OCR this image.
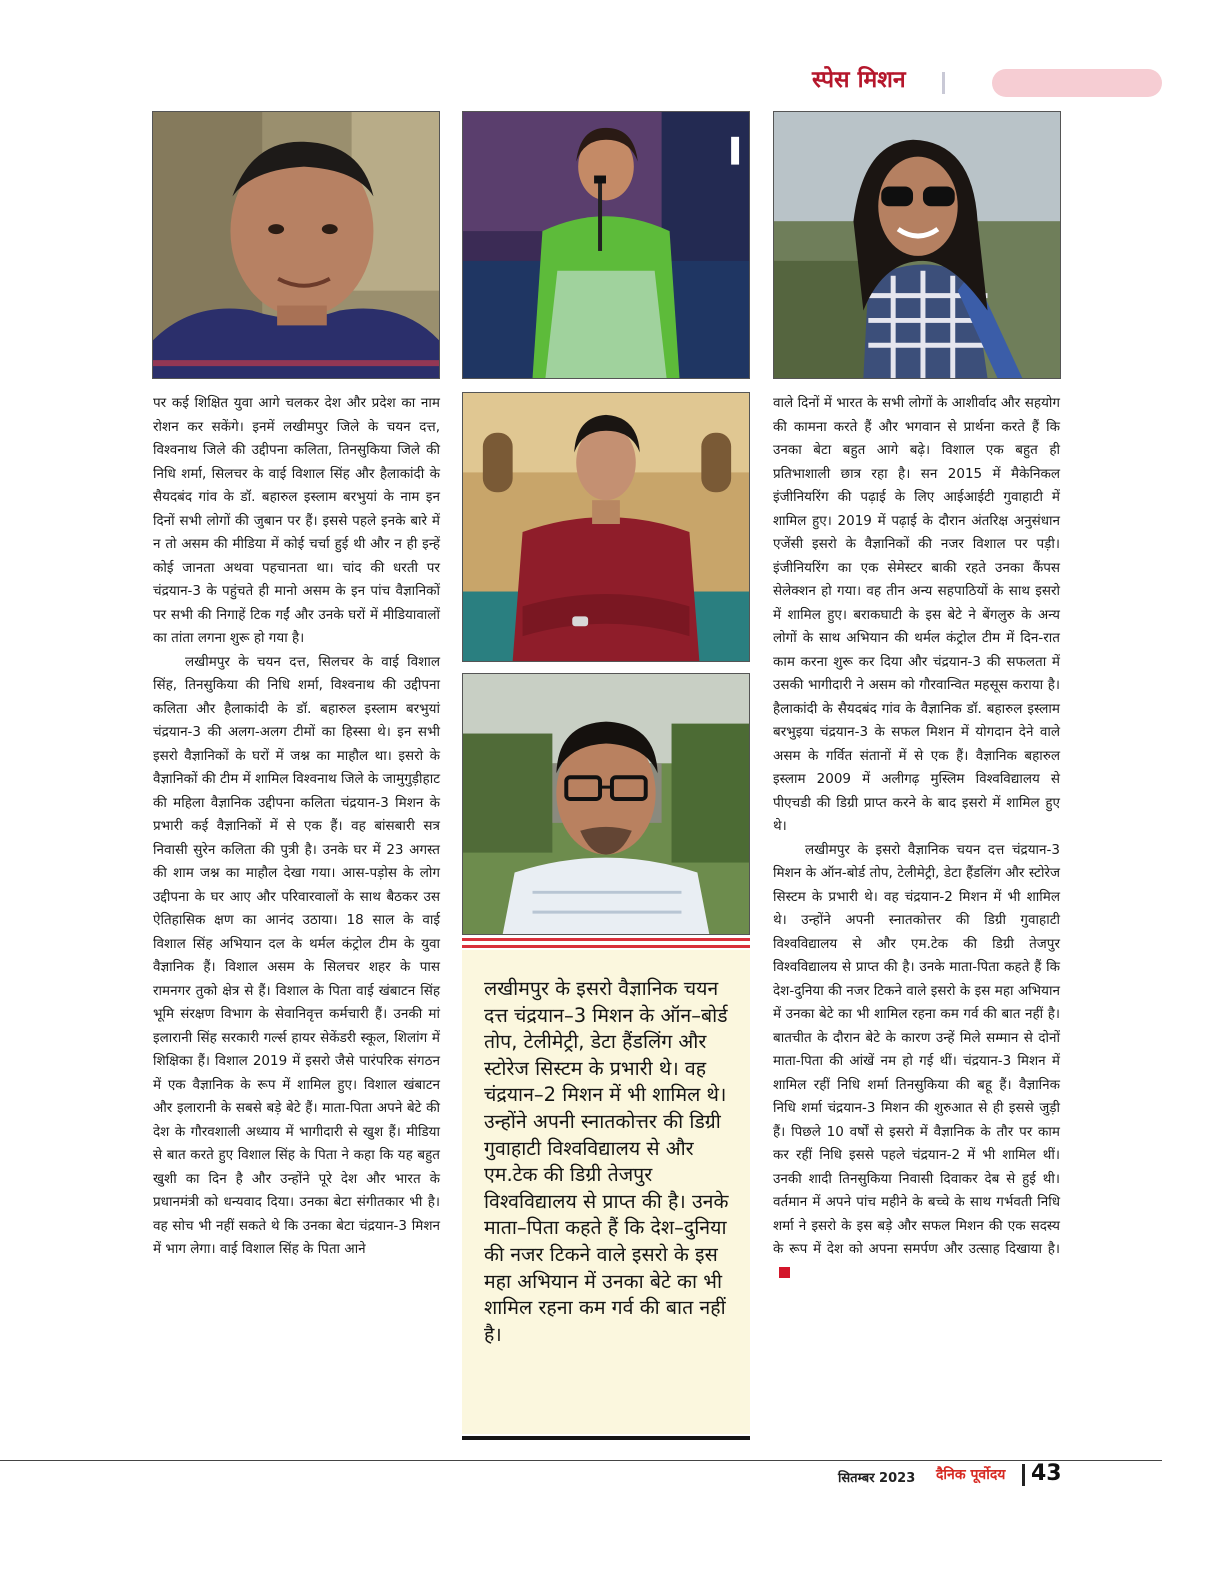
स्पेस मिशन

पर कई शिक्षित युवा आगे चलकर देश और प्रदेश का नाम रोशन कर सकेंगे। इनमें लखीमपुर जिले के चयन दत्त, विश्वनाथ जिले की उद्दीपना कलिता, तिनसुकिया जिले की निधि शर्मा, सिलचर के वाई विशाल सिंह और हैलाकांदी के सैयदबंद गांव के डॉ. बहारुल इस्लाम बरभुयां के नाम इन दिनों सभी लोगों की जुबान पर हैं। इससे पहले इनके बारे में न तो असम की मीडिया में कोई चर्चा हुई थी और न ही इन्हें कोई जानता अथवा पहचानता था। चांद की धरती पर चंद्रयान-3 के पहुंचते ही मानो असम के इन पांच वैज्ञानिकों पर सभी की निगाहें टिक गईं और उनके घरों में मीडियावालों का तांता लगना शुरू हो गया है।

लखीमपुर के चयन दत्त, सिलचर के वाई विशाल सिंह, तिनसुकिया की निधि शर्मा, विश्वनाथ की उद्दीपना कलिता और हैलाकांदी के डॉ. बहारुल इस्लाम बरभुयां चंद्रयान-3 की अलग-अलग टीमों का हिस्सा थे। इन सभी इसरो वैज्ञानिकों के घरों में जश्न का माहौल था। इसरो के वैज्ञानिकों की टीम में शामिल विश्वनाथ जिले के जामुगुड़ीहाट की महिला वैज्ञानिक उद्दीपना कलिता चंद्रयान-3 मिशन के प्रभारी कई वैज्ञानिकों में से एक हैं। वह बांसबारी सत्र निवासी सुरेन कलिता की पुत्री है। उनके घर में 23 अगस्त की शाम जश्न का माहौल देखा गया। आस-पड़ोस के लोग उद्दीपना के घर आए और परिवारवालों के साथ बैठकर उस ऐतिहासिक क्षण का आनंद उठाया। 18 साल के वाई विशाल सिंह अभियान दल के थर्मल कंट्रोल टीम के युवा वैज्ञानिक हैं। विशाल असम के सिलचर शहर के पास रामनगर तुको क्षेत्र से हैं। विशाल के पिता वाई खंबाटन सिंह भूमि संरक्षण विभाग के सेवानिवृत्त कर्मचारी हैं। उनकी मां इलारानी सिंह सरकारी गर्ल्स हायर सेकेंडरी स्कूल, शिलांग में शिक्षिका हैं। विशाल 2019 में इसरो जैसे पारंपरिक संगठन में एक वैज्ञानिक के रूप में शामिल हुए। विशाल खंबाटन और इलारानी के सबसे बड़े बेटे हैं। माता-पिता अपने बेटे की देश के गौरवशाली अध्याय में भागीदारी से खुश हैं। मीडिया से बात करते हुए विशाल सिंह के पिता ने कहा कि यह बहुत खुशी का दिन है और उन्होंने पूरे देश और भारत के प्रधानमंत्री को धन्यवाद दिया। उनका बेटा संगीतकार भी है। वह सोच भी नहीं सकते थे कि उनका बेटा चंद्रयान-3 मिशन में भाग लेगा। वाई विशाल सिंह के पिता आने

लखीमपुर के इसरो वैज्ञानिक चयन दत्त चंद्रयान–3 मिशन के ऑन–बोर्ड तोप, टेलीमेट्री, डेटा हैंडलिंग और स्टोरेज सिस्टम के प्रभारी थे। वह चंद्रयान–2 मिशन में भी शामिल थे। उन्होंने अपनी स्नातकोत्तर की डिग्री गुवाहाटी विश्वविद्यालय से और एम.टेक की डिग्री तेजपुर विश्वविद्यालय से प्राप्त की है। उनके माता–पिता कहते हैं कि देश–दुनिया की नजर टिकने वाले इसरो के इस महा अभियान में उनका बेटे का भी शामिल रहना कम गर्व की बात नहीं है।

वाले दिनों में भारत के सभी लोगों के आशीर्वाद और सहयोग की कामना करते हैं और भगवान से प्रार्थना करते हैं कि उनका बेटा बहुत आगे बढ़े। विशाल एक बहुत ही प्रतिभाशाली छात्र रहा है। सन 2015 में मैकेनिकल इंजीनियरिंग की पढ़ाई के लिए आईआईटी गुवाहाटी में शामिल हुए। 2019 में पढ़ाई के दौरान अंतरिक्ष अनुसंधान एजेंसी इसरो के वैज्ञानिकों की नजर विशाल पर पड़ी। इंजीनियरिंग का एक सेमेस्टर बाकी रहते उनका कैंपस सेलेक्शन हो गया। वह तीन अन्य सहपाठियों के साथ इसरो में शामिल हुए। बराकघाटी के इस बेटे ने बेंगलुरु के अन्य लोगों के साथ अभियान की थर्मल कंट्रोल टीम में दिन-रात काम करना शुरू कर दिया और चंद्रयान-3 की सफलता में उसकी भागीदारी ने असम को गौरवान्वित महसूस कराया है। हैलाकांदी के सैयदबंद गांव के वैज्ञानिक डॉ. बहारुल इस्लाम बरभुइया चंद्रयान-3 के सफल मिशन में योगदान देने वाले असम के गर्वित संतानों में से एक हैं। वैज्ञानिक बहारुल इस्लाम 2009 में अलीगढ़ मुस्लिम विश्वविद्यालय से पीएचडी की डिग्री प्राप्त करने के बाद इसरो में शामिल हुए थे।

लखीमपुर के इसरो वैज्ञानिक चयन दत्त चंद्रयान-3 मिशन के ऑन-बोर्ड तोप, टेलीमेट्री, डेटा हैंडलिंग और स्टोरेज सिस्टम के प्रभारी थे। वह चंद्रयान-2 मिशन में भी शामिल थे। उन्होंने अपनी स्नातकोत्तर की डिग्री गुवाहाटी विश्वविद्यालय से और एम.टेक की डिग्री तेजपुर विश्वविद्यालय से प्राप्त की है। उनके माता-पिता कहते हैं कि देश-दुनिया की नजर टिकने वाले इसरो के इस महा अभियान में उनका बेटे का भी शामिल रहना कम गर्व की बात नहीं है। बातचीत के दौरान बेटे के कारण उन्हें मिले सम्मान से दोनों माता-पिता की आंखें नम हो गई थीं। चंद्रयान-3 मिशन में शामिल रहीं निधि शर्मा तिनसुकिया की बहू हैं। वैज्ञानिक निधि शर्मा चंद्रयान-3 मिशन की शुरुआत से ही इससे जुड़ी हैं। पिछले 10 वर्षों से इसरो में वैज्ञानिक के तौर पर काम कर रहीं निधि इससे पहले चंद्रयान-2 में भी शामिल थीं। उनकी शादी तिनसुकिया निवासी दिवाकर देब से हुई थी। वर्तमान में अपने पांच महीने के बच्चे के साथ गर्भवती निधि शर्मा ने इसरो के इस बड़े और सफल मिशन की एक सदस्य के रूप में देश को अपना समर्पण और उत्साह दिखाया है।

सितम्बर 2023 दैनिक पूर्वोदय 43
